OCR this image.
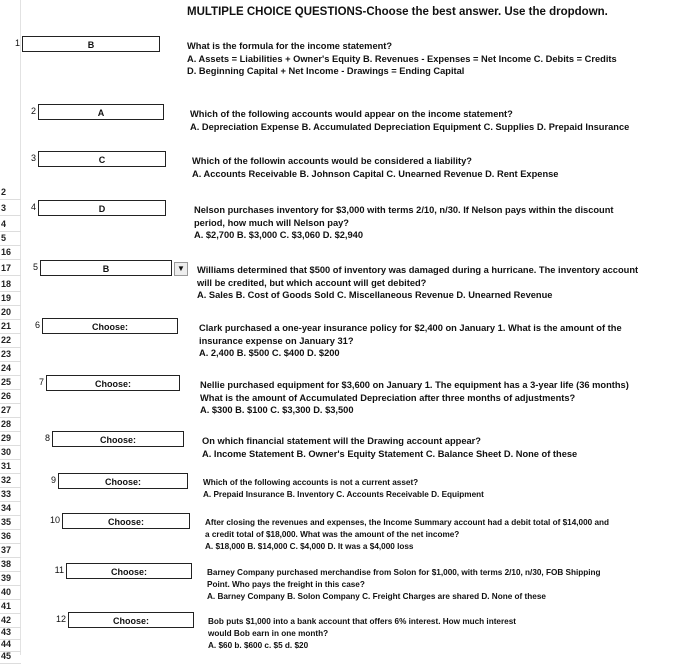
2
3
4
5
16
17
18
19
20
21
22
23
24
25
26
27
28
29
30
31
32
33
34
35
36
37
38
39
40
41
42
43
44
45
MULTIPLE CHOICE QUESTIONS-Choose the best answer. Use the dropdown.
1	B	What is the formula for the income statement?
A. Assets = Liabilities + Owner's Equity B. Revenues - Expenses = Net Income C. Debits = Credits
D. Beginning Capital + Net Income - Drawings = Ending Capital
2	A	Which of the following accounts would appear on the income statement?
A. Depreciation Expense B. Accumulated Depreciation Equipment C. Supplies D. Prepaid Insurance
3	C	Which of the followin accounts would be considered a liability?
A. Accounts Receivable B. Johnson Capital C. Unearned Revenue D. Rent Expense
4	D	Nelson purchases inventory for $3,000 with terms 2/10, n/30. If Nelson pays within the discount
period, how much will Nelson pay?
A. $2,700 B. $3,000 C. $3,060 D. $2,940
5	B	▼	Williams determined that $500 of inventory was damaged during a hurricane. The inventory account
will be credited, but which account will get debited?
A. Sales B. Cost of Goods Sold C. Miscellaneous Revenue D. Unearned Revenue
6	Choose:	Clark purchased a one-year insurance policy for $2,400 on January 1. What is the amount of the
insurance expense on January 31?
A. 2,400 B. $500 C. $400 D. $200
7	Choose:	Nellie purchased equipment for $3,600 on January 1. The equipment has a 3-year life (36 months)
What is the amount of Accumulated Depreciation after three months of adjustments?
A. $300 B. $100 C. $3,300 D. $3,500
8	Choose:	On which financial statement will the Drawing account appear?
A. Income Statement B. Owner's Equity Statement C. Balance Sheet D. None of these
9	Choose:	Which of the following accounts is not a current asset?
A. Prepaid Insurance B. Inventory C. Accounts Receivable D. Equipment
10	Choose:	After closing the revenues and expenses, the Income Summary account had a debit total of $14,000 and
a credit total of $18,000. What was the amount of the net income?
A. $18,000 B. $14,000 C. $4,000 D. It was a $4,000 loss
11	Choose:	Barney Company purchased merchandise from Solon for $1,000, with terms 2/10, n/30, FOB Shipping
Point. Who pays the freight in this case?
A. Barney Company B. Solon Company C. Freight Charges are shared D. None of these
12	Choose:	Bob puts $1,000 into a bank account that offers 6% interest. How much interest
would Bob earn in one month?
A. $60 b. $600 c. $5 d. $20
